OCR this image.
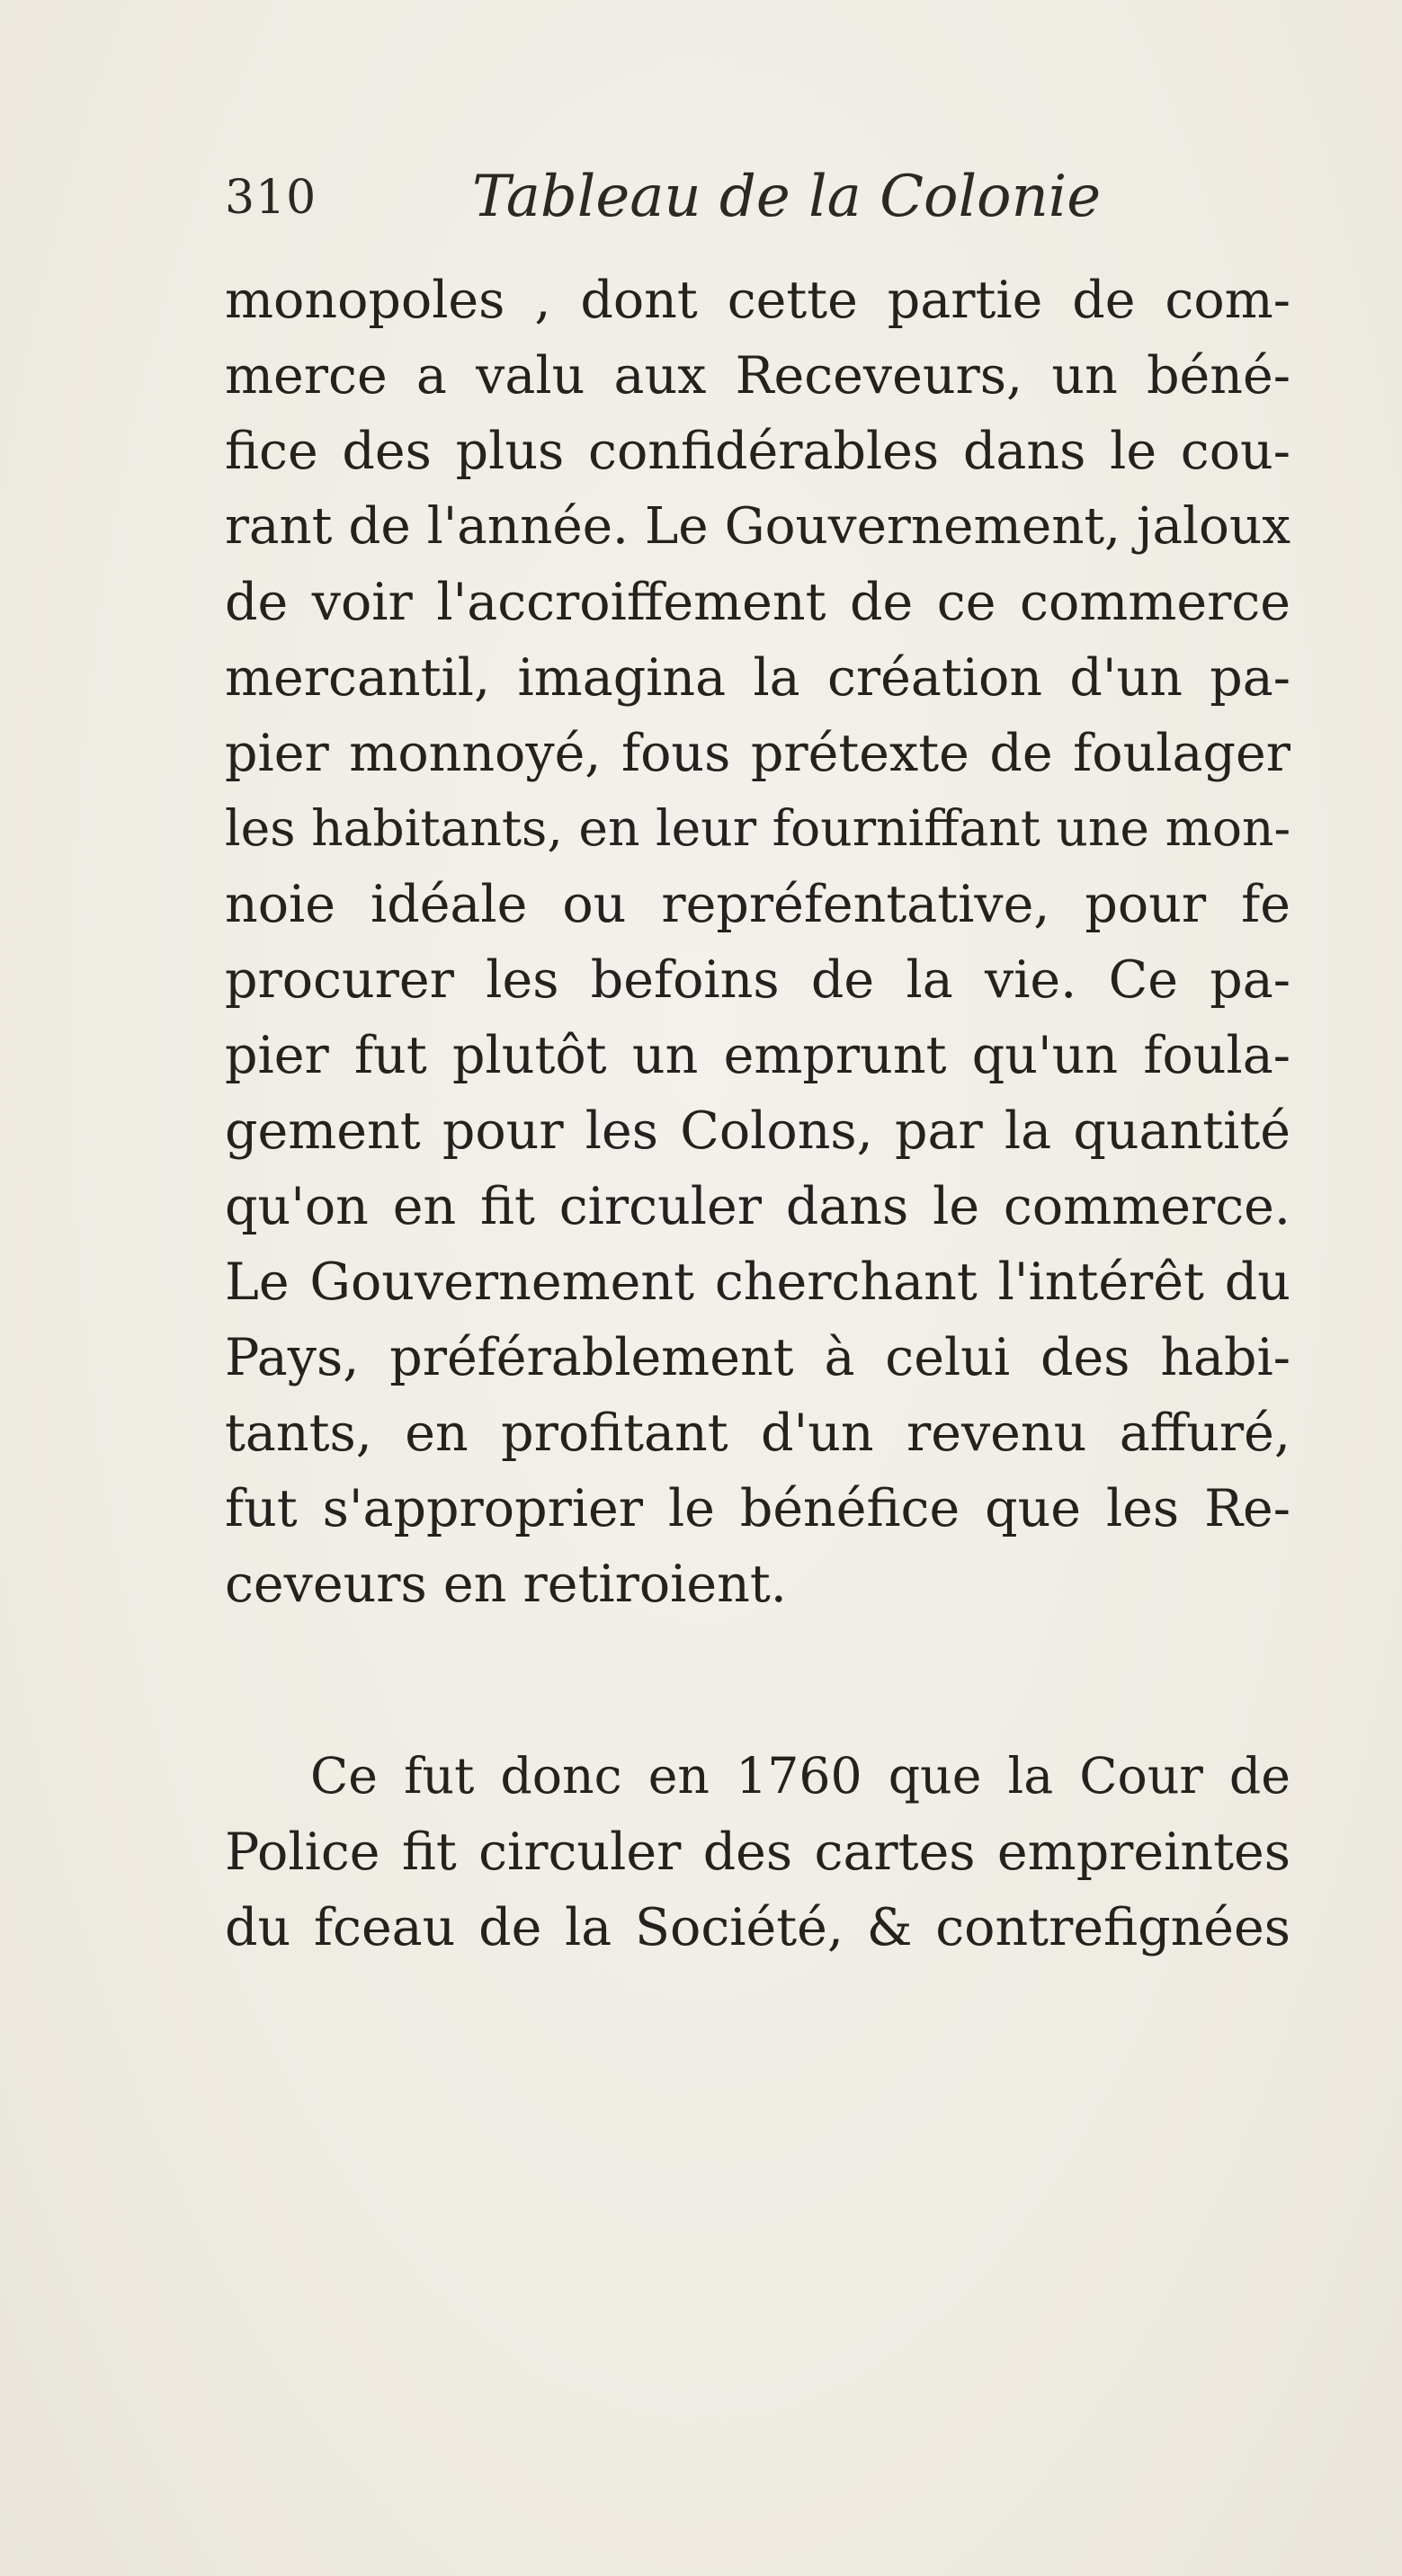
310	Tableau de la Colonie
monopoles , dont cette partie de com-
merce a valu aux Receveurs, un béné-
fice des plus confidérables dans le cou-
rant de l'année. Le Gouvernement, jaloux
de voir l'accroiffement de ce commerce
mercantil, imagina la création d'un pa-
pier monnoyé, fous prétexte de foulager
les habitants, en leur fourniffant une mon-
noie idéale ou repréfentative, pour fe
procurer les befoins de la vie. Ce pa-
pier fut plutôt un emprunt qu'un foula-
gement pour les Colons, par la quantité
qu'on en fit circuler dans le commerce.
Le Gouvernement cherchant l'intérêt du
Pays, préférablement à celui des habi-
tants, en profitant d'un revenu affuré,
fut s'approprier le bénéfice que les Re-
ceveurs en retiroient.
Ce fut donc en 1760 que la Cour de
Police fit circuler des cartes empreintes
du fceau de la Société, & contrefignées
